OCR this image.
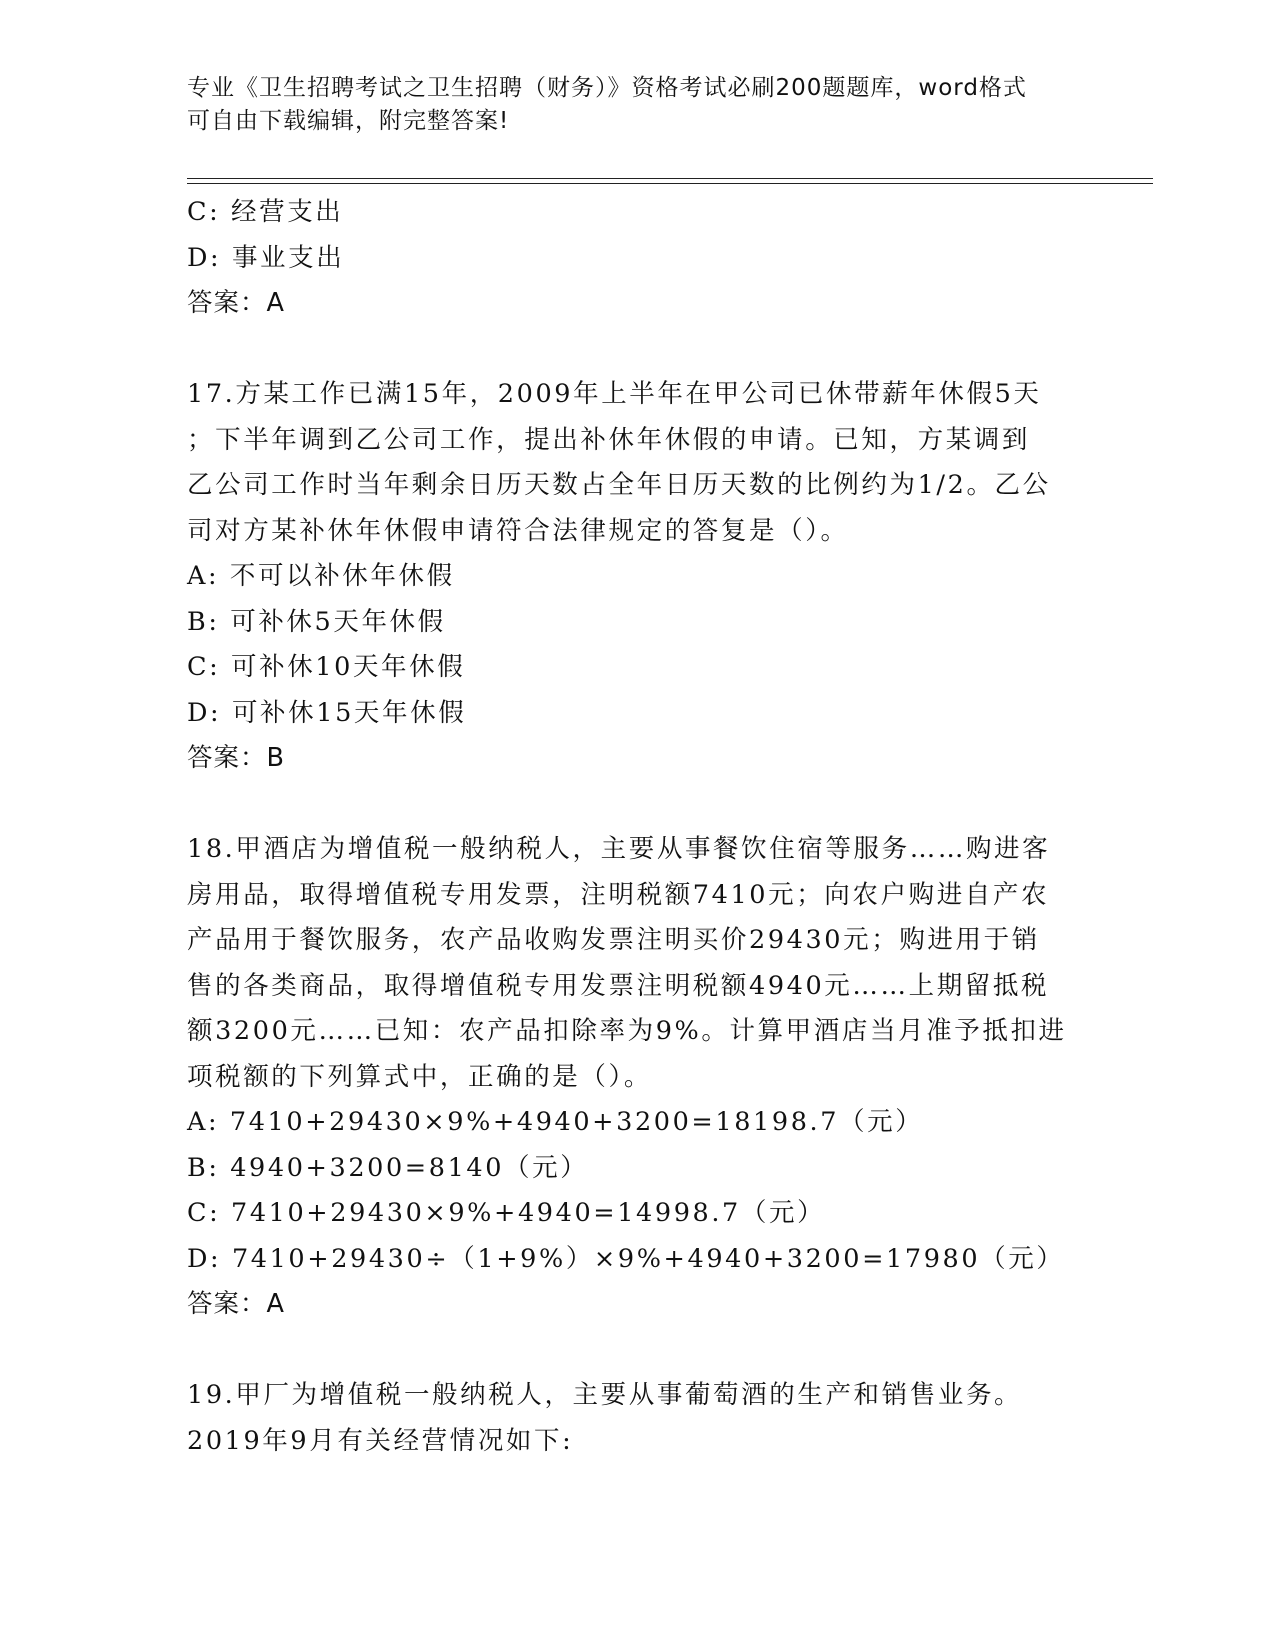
专业《卫生招聘考试之卫生招聘（财务）》资格考试必刷200题题库，word格式
可自由下载编辑，附完整答案!
C: 经营支出
D: 事业支出
答案：A
17.方某工作已满15年，2009年上半年在甲公司已休带薪年休假5天
；下半年调到乙公司工作，提出补休年休假的申请。已知，方某调到
乙公司工作时当年剩余日历天数占全年日历天数的比例约为1/2。乙公
司对方某补休年休假申请符合法律规定的答复是（）。
A: 不可以补休年休假
B: 可补休5天年休假
C: 可补休10天年休假
D: 可补休15天年休假
答案：B
18.甲酒店为增值税一般纳税人，主要从事餐饮住宿等服务……购进客
房用品，取得增值税专用发票，注明税额7410元；向农户购进自产农
产品用于餐饮服务，农产品收购发票注明买价29430元；购进用于销
售的各类商品，取得增值税专用发票注明税额4940元……上期留抵税
额3200元……已知：农产品扣除率为9%。计算甲酒店当月准予抵扣进
项税额的下列算式中，正确的是（）。
A: 7410+29430×9%+4940+3200=18198.7（元）
B: 4940+3200=8140（元）
C: 7410+29430×9%+4940=14998.7（元）
D: 7410+29430÷（1+9%）×9%+4940+3200=17980（元）
答案：A
19.甲厂为增值税一般纳税人，主要从事葡萄酒的生产和销售业务。
2019年9月有关经营情况如下:
